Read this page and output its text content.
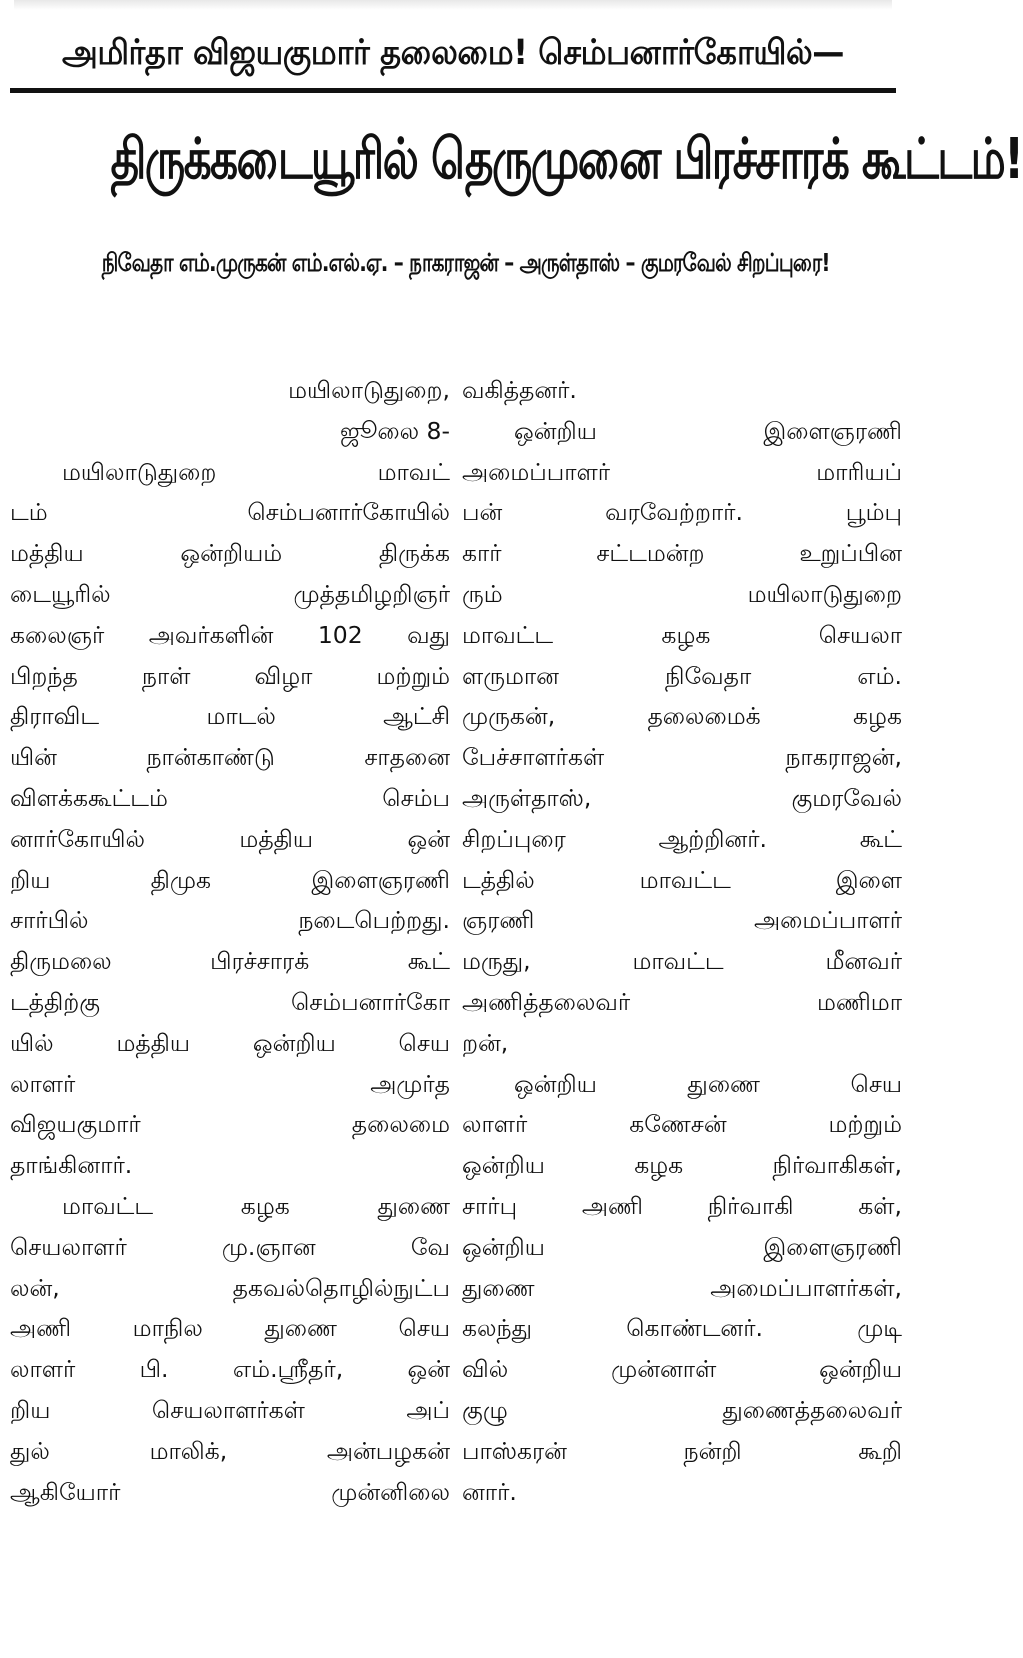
அமிர்தா விஜயகுமார் தலைமை! செம்பனார்கோயில்—
திருக்கடையூரில் தெருமுனை பிரச்சாரக் கூட்டம்!
நிவேதா எம்.முருகன் எம்.எல்.ஏ. – நாகராஜன் – அருள்தாஸ் – குமரவேல் சிறப்புரை!
மயிலாடுதுறை,
ஜூலை 8-
மயிலாடுதுறை மாவட்
டம் செம்பனார்கோயில்
மத்திய ஒன்றியம் திருக்க
டையூரில் முத்தமிழறிஞர்
கலைஞர் அவர்களின் 102 வது
பிறந்த நாள் விழா மற்றும்
திராவிட மாடல் ஆட்சி
யின் நான்காண்டு சாதனை
விளக்ககூட்டம் செம்ப
னார்கோயில் மத்திய ஒன்
றிய திமுக இளைஞரணி
சார்பில் நடைபெற்றது.
திருமலை பிரச்சாரக் கூட்
டத்திற்கு செம்பனார்கோ
யில் மத்திய ஒன்றிய செய
லாளர் அமுர்த
விஜயகுமார் தலைமை
தாங்கினார்.
மாவட்ட கழக துணை
செயலாளர் மு.ஞான வே
லன், தகவல்தொழில்நுட்ப
அணி மாநில துணை செய
லாளர் பி. எம்.ஸ்ரீதர், ஒன்
றிய செயலாளர்கள் அப்
துல் மாலிக், அன்பழகன்
ஆகியோர் முன்னிலை
வகித்தனர்.
ஒன்றிய இளைஞரணி
அமைப்பாளர் மாரியப்
பன் வரவேற்றார். பூம்பு
கார் சட்டமன்ற உறுப்பின
ரும் மயிலாடுதுறை
மாவட்ட கழக செயலா
ளருமான நிவேதா எம்.
முருகன், தலைமைக் கழக
பேச்சாளர்கள் நாகராஜன்,
அருள்தாஸ், குமரவேல்
சிறப்புரை ஆற்றினர். கூட்
டத்தில் மாவட்ட இளை
ஞரணி அமைப்பாளர்
மருது, மாவட்ட மீனவர்
அணித்தலைவர் மணிமா
றன்,
ஒன்றிய துணை செய
லாளர் கணேசன் மற்றும்
ஒன்றிய கழக நிர்வாகிகள்,
சார்பு அணி நிர்வாகி கள்,
ஒன்றிய இளைஞரணி
துணை அமைப்பாளர்கள்,
கலந்து கொண்டனர். முடி
வில் முன்னாள் ஒன்றிய
குழு துணைத்தலைவர்
பாஸ்கரன் நன்றி கூறி
னார்.
